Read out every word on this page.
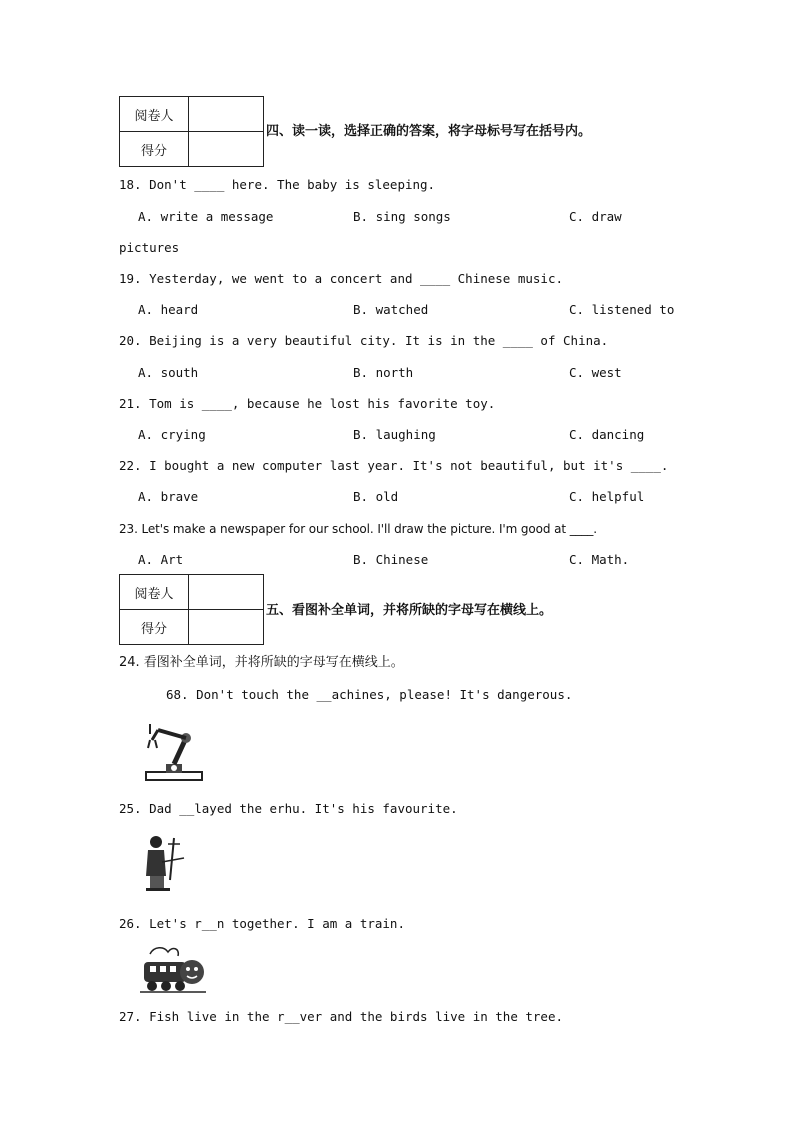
阅卷人	
得分	
四、读一读，选择正确的答案，将字母标号写在括号内。
18. Don't ____ here. The baby is sleeping.
A. write a message	B. sing songs	C. draw
pictures
19. Yesterday, we went to a concert and ____ Chinese music.
A. heard	B. watched	C. listened to
20. Beijing is a very beautiful city. It is in the ____ of China.
A. south	B. north	C. west
21. Tom is ____, because he lost his favorite toy.
A. crying	B. laughing	C. dancing
22. I bought a new computer last year. It's not beautiful, but it's ____.
A. brave	B. old	C. helpful
23. Let's make a newspaper for our school. I'll draw the picture. I'm good at ____.
A. Art	B. Chinese	C. Math.
阅卷人	
得分	
五、看图补全单词，并将所缺的字母写在横线上。
24. 看图补全单词，并将所缺的字母写在横线上。
68. Don't touch the __achines, please! It's dangerous.
25. Dad __layed the erhu. It's his favourite.
26. Let's r__n together. I am a train.
27. Fish live in the r__ver and the birds live in the tree.
